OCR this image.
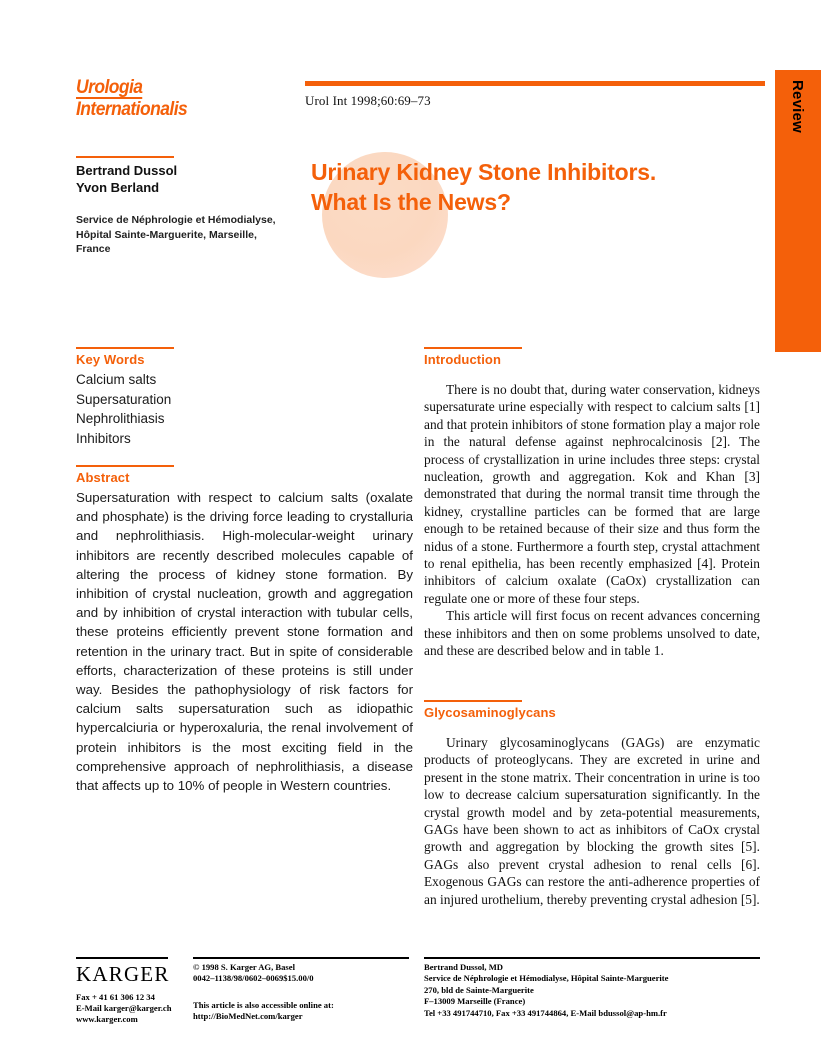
Review
Urologia
Internationalis	Urol Int 1998;60:69–73
Bertrand Dussol
Yvon Berland
Service de Néphrologie et Hémodialyse,
Hôpital Sainte-Marguerite, Marseille,
France
Urinary Kidney Stone Inhibitors.
What Is the News?
Key Words
Calcium salts
Supersaturation
Nephrolithiasis
Inhibitors
Abstract
Supersaturation with respect to calcium salts (oxalate and phosphate) is the driving force leading to crystalluria and nephrolithiasis. High-molecular-weight urinary inhibitors are recently described molecules capable of altering the process of kidney stone formation. By inhibition of crystal nucleation, growth and aggregation and by inhibition of crystal interaction with tubular cells, these proteins efficiently prevent stone formation and retention in the urinary tract. But in spite of considerable efforts, characterization of these proteins is still under way. Besides the pathophysiology of risk factors for calcium salts supersaturation such as idiopathic hypercalciuria or hyperoxaluria, the renal involvement of protein inhibitors is the most exciting field in the comprehensive approach of nephrolithiasis, a disease that affects up to 10% of people in Western countries.
Introduction

There is no doubt that, during water conservation, kidneys supersaturate urine especially with respect to calcium salts [1] and that protein inhibitors of stone formation play a major role in the natural defense against nephrocalcinosis [2]. The process of crystallization in urine includes three steps: crystal nucleation, growth and aggregation. Kok and Khan [3] demonstrated that during the normal transit time through the kidney, crystalline particles can be formed that are large enough to be retained because of their size and thus form the nidus of a stone. Furthermore a fourth step, crystal attachment to renal epithelia, has been recently emphasized [4]. Protein inhibitors of calcium oxalate (CaOx) crystallization can regulate one or more of these four steps.

This article will first focus on recent advances concerning these inhibitors and then on some problems unsolved to date, and these are described below and in table 1.

Glycosaminoglycans

Urinary glycosaminoglycans (GAGs) are enzymatic products of proteoglycans. They are excreted in urine and present in the stone matrix. Their concentration in urine is too low to decrease calcium supersaturation significantly. In the crystal growth model and by zeta-potential measurements, GAGs have been shown to act as inhibitors of CaOx crystal growth and aggregation by blocking the growth sites [5]. GAGs also prevent crystal adhesion to renal cells [6]. Exogenous GAGs can restore the anti-adherence properties of an injured urothelium, thereby preventing crystal adhesion [5].

KARGER
Fax + 41 61 306 12 34
E-Mail karger@karger.ch
www.karger.com
© 1998 S. Karger AG, Basel
0042–1138/98/0602–0069$15.00/0
This article is also accessible online at:
http://BioMedNet.com/karger
Bertrand Dussol, MD
Service de Néphrologie et Hémodialyse, Hôpital Sainte-Marguerite
270, bld de Sainte-Marguerite
F–13009 Marseille (France)
Tel +33 491744710, Fax +33 491744864, E-Mail bdussol@ap-hm.fr
